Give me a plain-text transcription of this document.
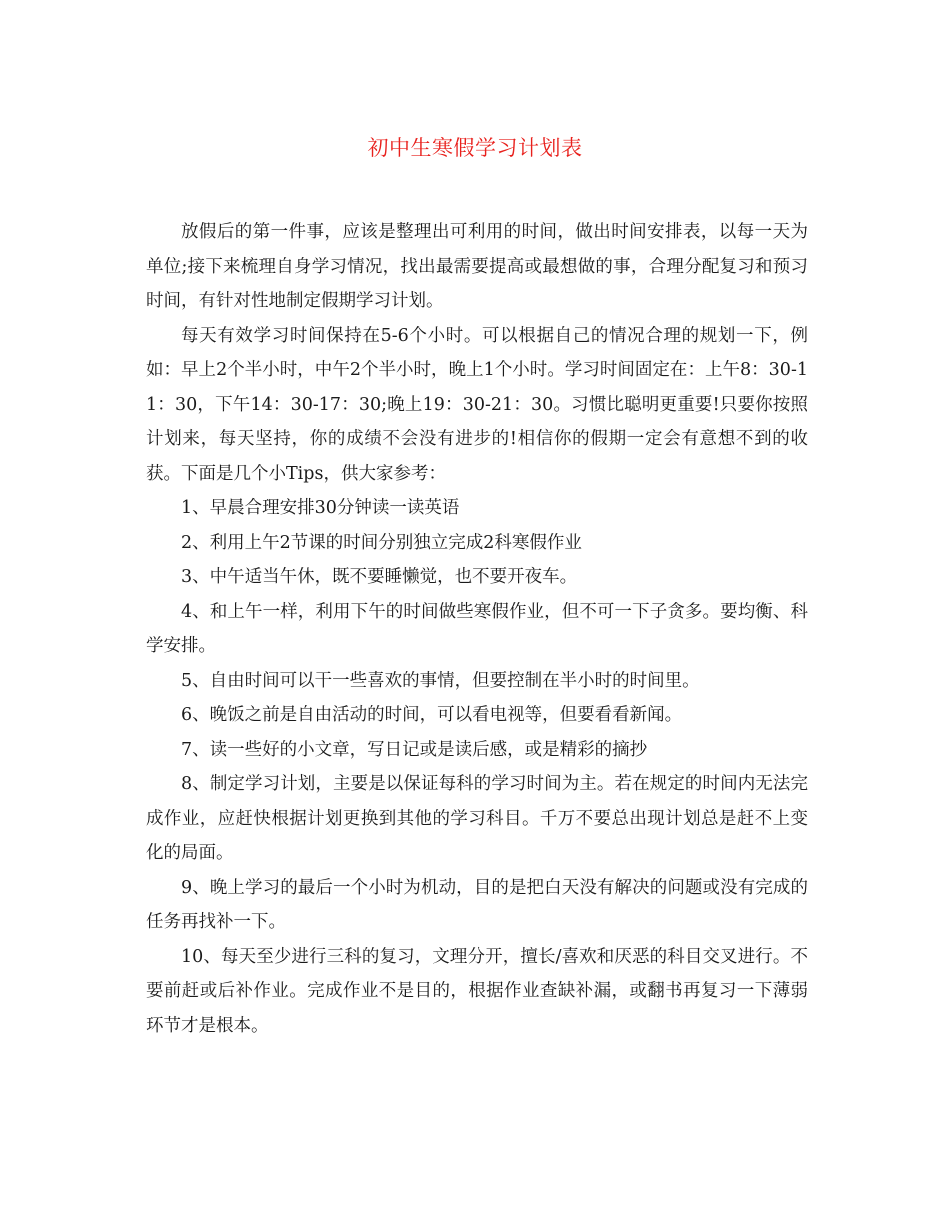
初中生寒假学习计划表

放假后的第一件事，应该是整理出可利用的时间，做出时间安排表，以每一天为单位;接下来梳理自身学习情况，找出最需要提高或最想做的事，合理分配复习和预习时间，有针对性地制定假期学习计划。

每天有效学习时间保持在5-6个小时。可以根据自己的情况合理的规划一下，例如：早上2个半小时，中午2个半小时，晚上1个小时。学习时间固定在：上午8：30-11：30，下午14：30-17：30;晚上19：30-21：30。习惯比聪明更重要!只要你按照计划来，每天坚持，你的成绩不会没有进步的!相信你的假期一定会有意想不到的收获。下面是几个小Tips，供大家参考：

1、早晨合理安排30分钟读一读英语

2、利用上午2节课的时间分别独立完成2科寒假作业

3、中午适当午休，既不要睡懒觉，也不要开夜车。

4、和上午一样，利用下午的时间做些寒假作业，但不可一下子贪多。要均衡、科学安排。

5、自由时间可以干一些喜欢的事情，但要控制在半小时的时间里。

6、晚饭之前是自由活动的时间，可以看电视等，但要看看新闻。

7、读一些好的小文章，写日记或是读后感，或是精彩的摘抄

8、制定学习计划，主要是以保证每科的学习时间为主。若在规定的时间内无法完成作业，应赶快根据计划更换到其他的学习科目。千万不要总出现计划总是赶不上变化的局面。

9、晚上学习的最后一个小时为机动，目的是把白天没有解决的问题或没有完成的任务再找补一下。

10、每天至少进行三科的复习，文理分开，擅长/喜欢和厌恶的科目交叉进行。不要前赶或后补作业。完成作业不是目的，根据作业查缺补漏，或翻书再复习一下薄弱环节才是根本。
